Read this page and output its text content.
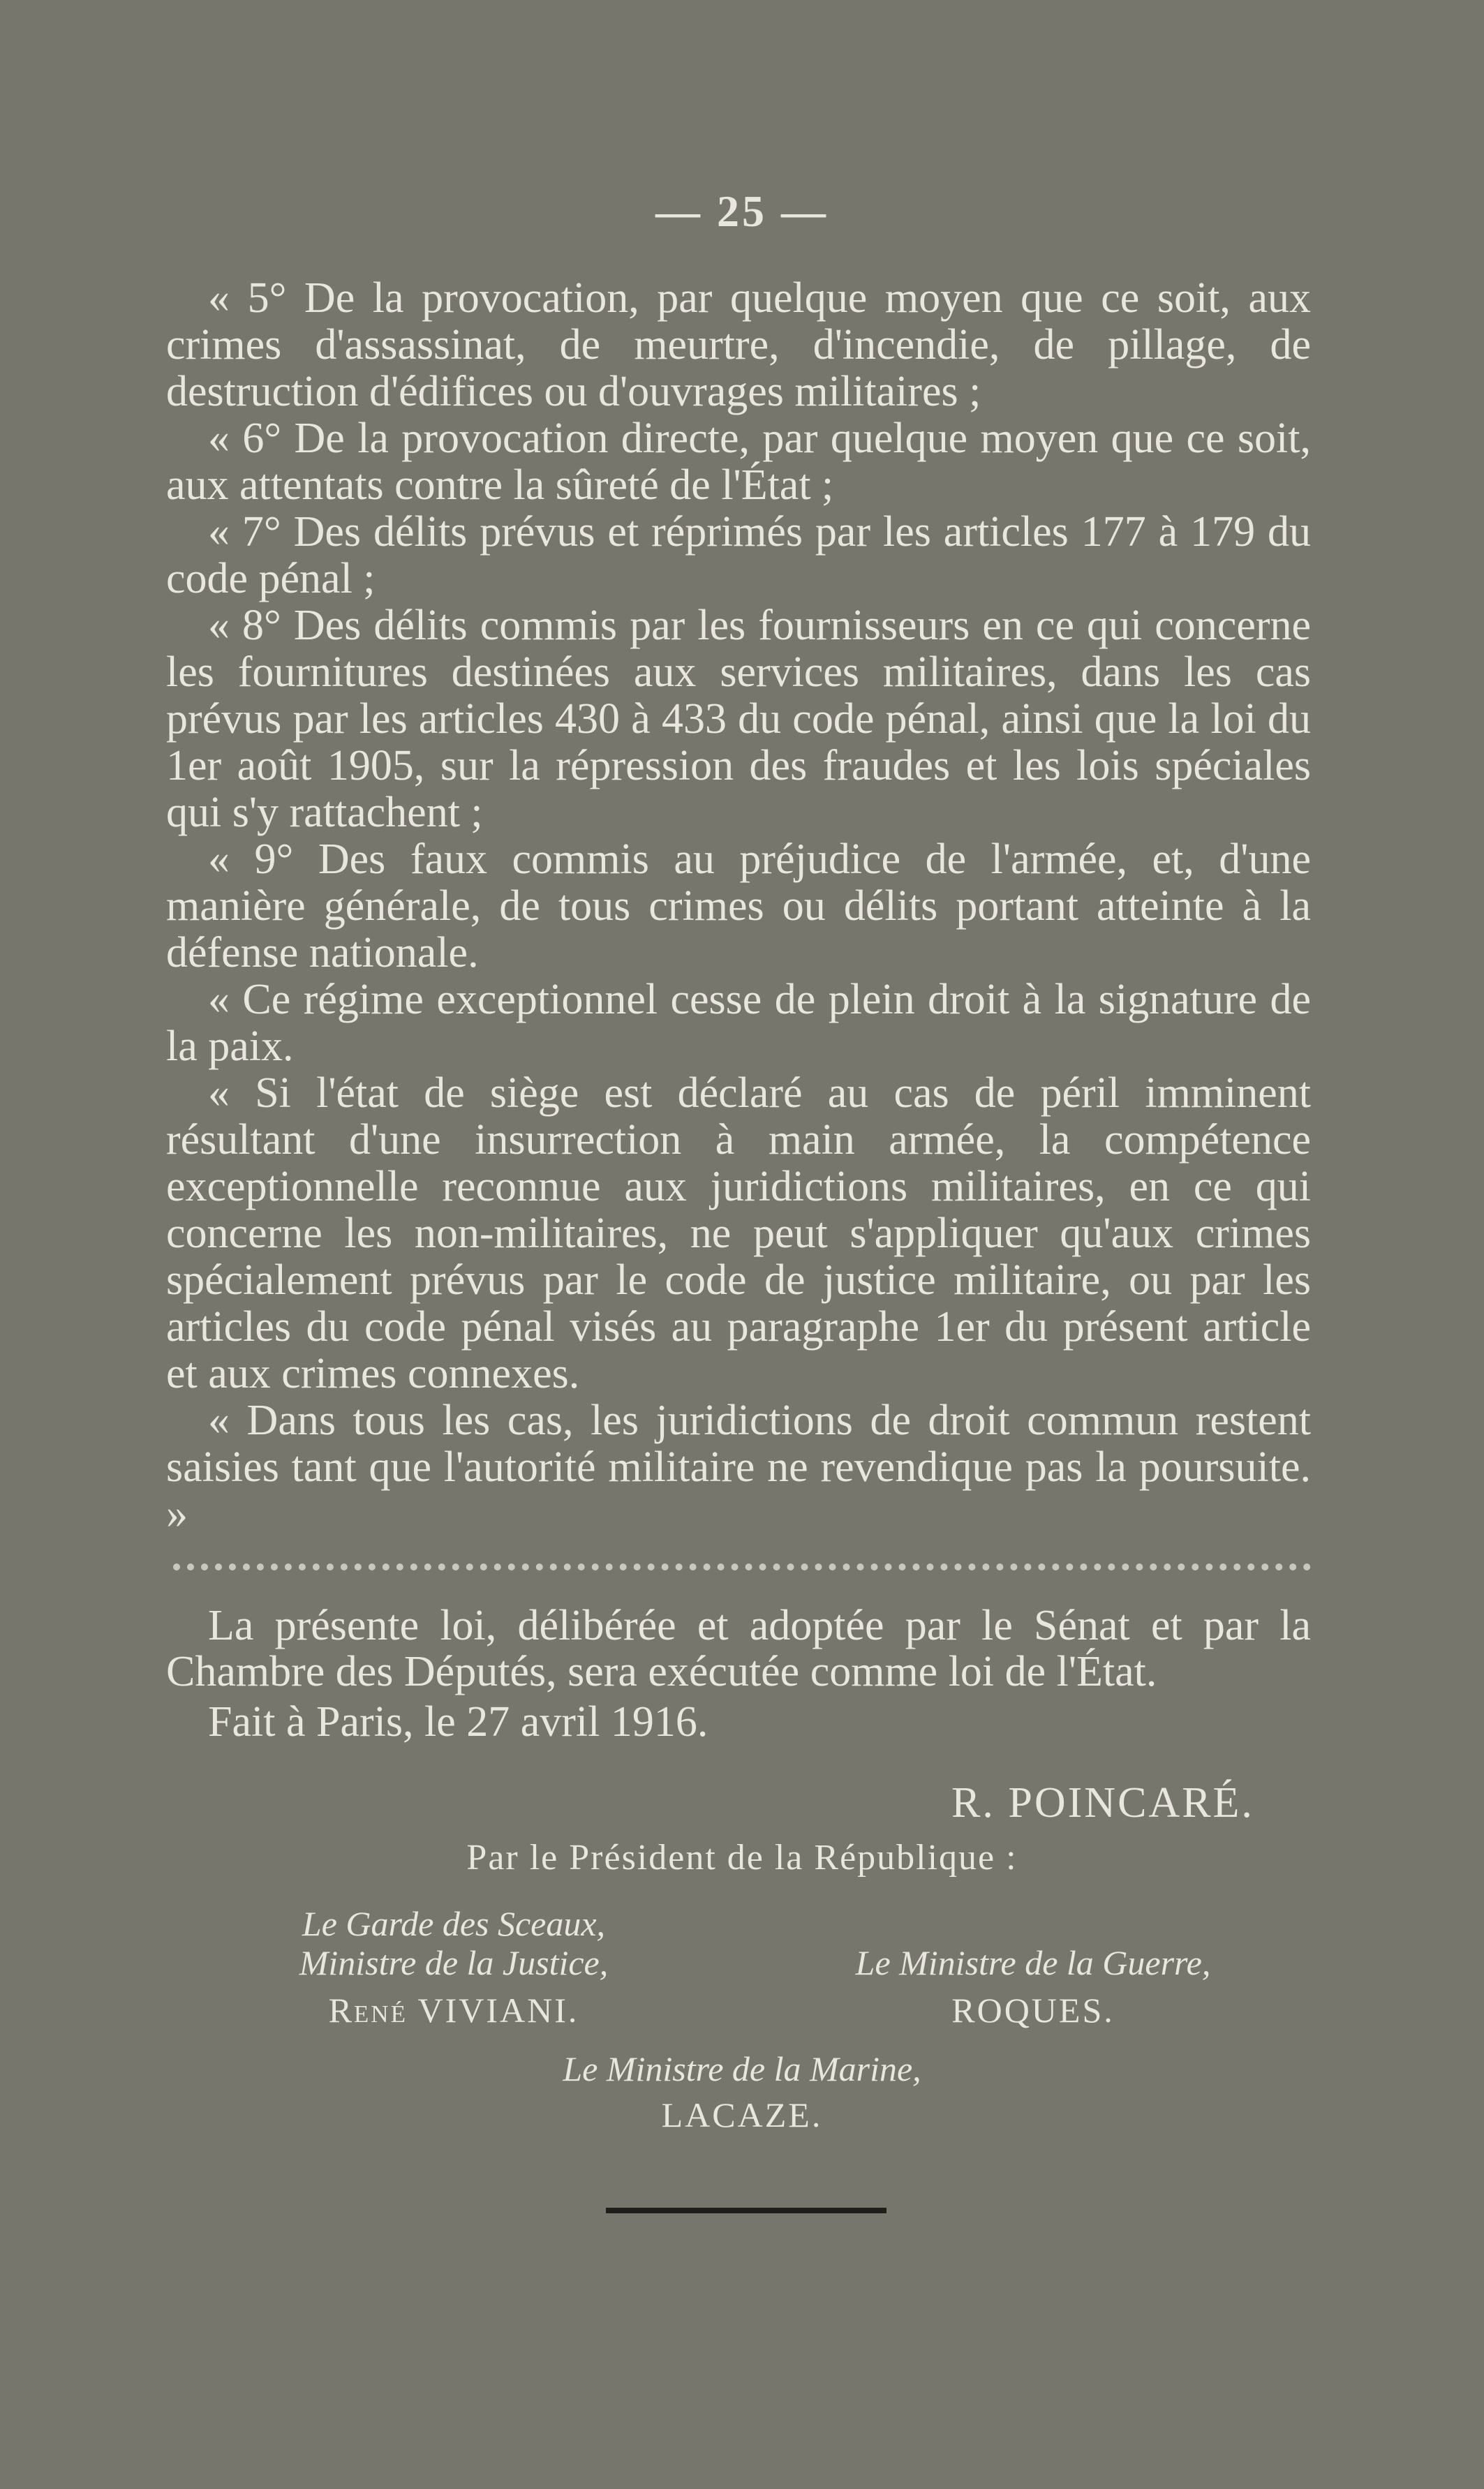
— 25 —

« 5° De la provocation, par quelque moyen que ce soit, aux crimes d'assassinat, de meurtre, d'incendie, de pillage, de destruction d'édifices ou d'ouvrages militaires ;

« 6° De la provocation directe, par quelque moyen que ce soit, aux attentats contre la sûreté de l'État ;

« 7° Des délits prévus et réprimés par les articles 177 à 179 du code pénal ;

« 8° Des délits commis par les fournisseurs en ce qui concerne les fournitures destinées aux services militaires, dans les cas prévus par les articles 430 à 433 du code pénal, ainsi que la loi du 1er août 1905, sur la répression des fraudes et les lois spéciales qui s'y rattachent ;

« 9° Des faux commis au préjudice de l'armée, et, d'une manière générale, de tous crimes ou délits portant atteinte à la défense nationale.

« Ce régime exceptionnel cesse de plein droit à la signature de la paix.

« Si l'état de siège est déclaré au cas de péril imminent résultant d'une insurrection à main armée, la compétence exceptionnelle reconnue aux juridictions militaires, en ce qui concerne les non-militaires, ne peut s'appliquer qu'aux crimes spécialement prévus par le code de justice militaire, ou par les articles du code pénal visés au paragraphe 1er du présent article et aux crimes connexes.

« Dans tous les cas, les juridictions de droit commun restent saisies tant que l'autorité militaire ne revendique pas la poursuite. »

La présente loi, délibérée et adoptée par le Sénat et par la Chambre des Députés, sera exécutée comme loi de l'État.

Fait à Paris, le 27 avril 1916.

R. POINCARÉ.
Par le Président de la République :
Le Garde des Sceaux,
Ministre de la Justice,
René VIVIANI.
Le Ministre de la Guerre,
ROQUES.
Le Ministre de la Marine,
LACAZE.
